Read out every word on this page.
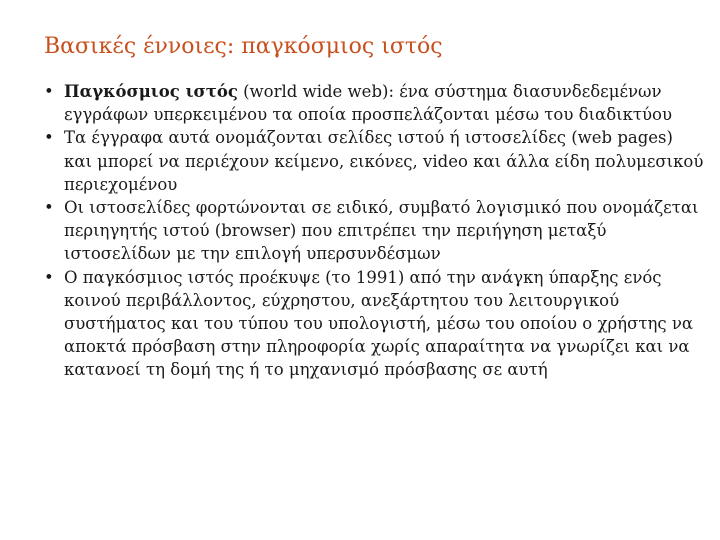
Βασικές έννοιες: παγκόσμιος ιστός
• Παγκόσμιος ιστός (world wide web): ένα σύστημα διασυνδεδεμένων εγγράφων υπερκειμένου τα οποία προσπελάζονται μέσω του διαδικτύου
• Τα έγγραφα αυτά ονομάζονται σελίδες ιστού ή ιστοσελίδες (web pages) και μπορεί να περιέχουν κείμενο, εικόνες, video και άλλα είδη πολυμεσικού περιεχομένου
• Οι ιστοσελίδες φορτώνονται σε ειδικό, συμβατό λογισμικό που ονομάζεται περιηγητής ιστού (browser) που επιτρέπει την περιήγηση μεταξύ ιστοσελίδων με την επιλογή υπερσυνδέσμων
• Ο παγκόσμιος ιστός προέκυψε (το 1991) από την ανάγκη ύπαρξης ενός κοινού περιβάλλοντος, εύχρηστου, ανεξάρτητου του λειτουργικού συστήματος και του τύπου του υπολογιστή, μέσω του οποίου ο χρήστης να αποκτά πρόσβαση στην πληροφορία χωρίς απαραίτητα να γνωρίζει και να κατανοεί τη δομή της ή το μηχανισμό πρόσβασης σε αυτή
